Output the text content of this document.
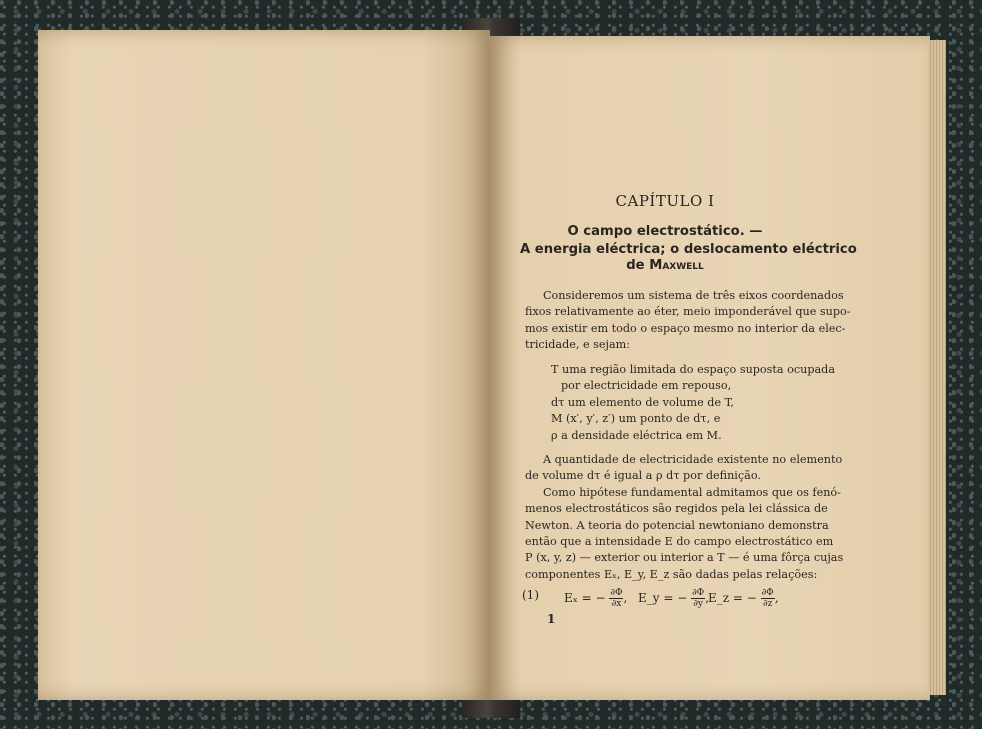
CAPÍTULO I
O campo electrostático. —
A energia eléctrica; o deslocamento eléctrico
de Maxwell
Consideremos um sistema de três eixos coordenados
fixos relativamente ao éter, meio imponderável que supo-
mos existir em todo o espaço mesmo no interior da elec-
tricidade, e sejam:
T uma região limitada do espaço suposta ocupada
por electricidade em repouso,
dτ um elemento de volume de T,
M (x′, y′, z′) um ponto de dτ, e
ρ a densidade eléctrica em M.
A quantidade de electricidade existente no elemento
de volume dτ é igual a ρ dτ por definição.
Como hipótese fundamental admitamos que os fenó-
menos electrostáticos são regidos pela lei clássica de
Newton. A teoria do potencial newtoniano demonstra
então que a intensidade E do campo electrostático em
P (x, y, z) — exterior ou interior a T — é uma fôrça cujas
componentes Eₓ, E_y, E_z são dadas pelas relações:
(1) Eₓ = − $\frac{\partial\Phi}{\partial x}$ , E_y = − $\frac{\partial\Phi}{\partial y}$ , E_z = − $\frac{\partial\Phi}{\partial z}$ ,
1
